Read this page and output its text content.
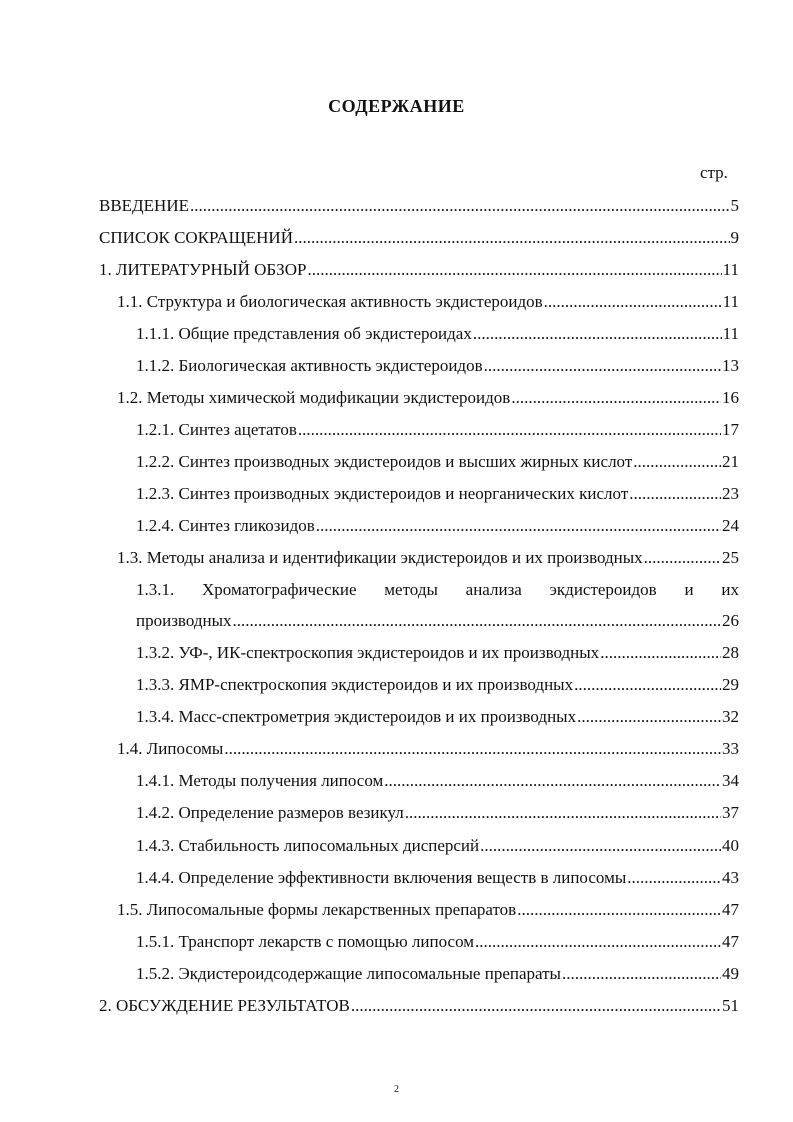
СОДЕРЖАНИЕ
стр.
ВВЕДЕНИЕ .....	5
СПИСОК СОКРАЩЕНИЙ .....	9
1. ЛИТЕРАТУРНЫЙ ОБЗОР .....	11
1.1. Структура и биологическая активность экдистероидов .....	11
1.1.1. Общие представления об экдистероидах .....	11
1.1.2. Биологическая активность экдистероидов .....	13
1.2. Методы химической модификации экдистероидов .....	16
1.2.1. Синтез ацетатов .....	17
1.2.2. Синтез производных экдистероидов и высших жирных кислот .....	21
1.2.3. Синтез производных экдистероидов и неорганических кислот .....	23
1.2.4. Синтез гликозидов .....	24
1.3. Методы анализа и идентификации экдистероидов и их производных .....	25
1.3.1. Хроматографические методы анализа экдистероидов и их
производных .....	26
1.3.2. УФ-, ИК-спектроскопия экдистероидов и их производных .....	28
1.3.3. ЯМР-спектроскопия экдистероидов и их производных .....	29
1.3.4. Масс-спектрометрия экдистероидов и их производных .....	32
1.4. Липосомы .....	33
1.4.1. Методы получения липосом .....	34
1.4.2. Определение размеров везикул .....	37
1.4.3. Стабильность липосомальных дисперсий .....	40
1.4.4. Определение эффективности включения веществ в липосомы .....	43
1.5. Липосомальные формы лекарственных препаратов .....	47
1.5.1. Транспорт лекарств с помощью липосом .....	47
1.5.2. Экдистероидсодержащие липосомальные препараты .....	49
2. ОБСУЖДЕНИЕ РЕЗУЛЬТАТОВ .....	51
2
